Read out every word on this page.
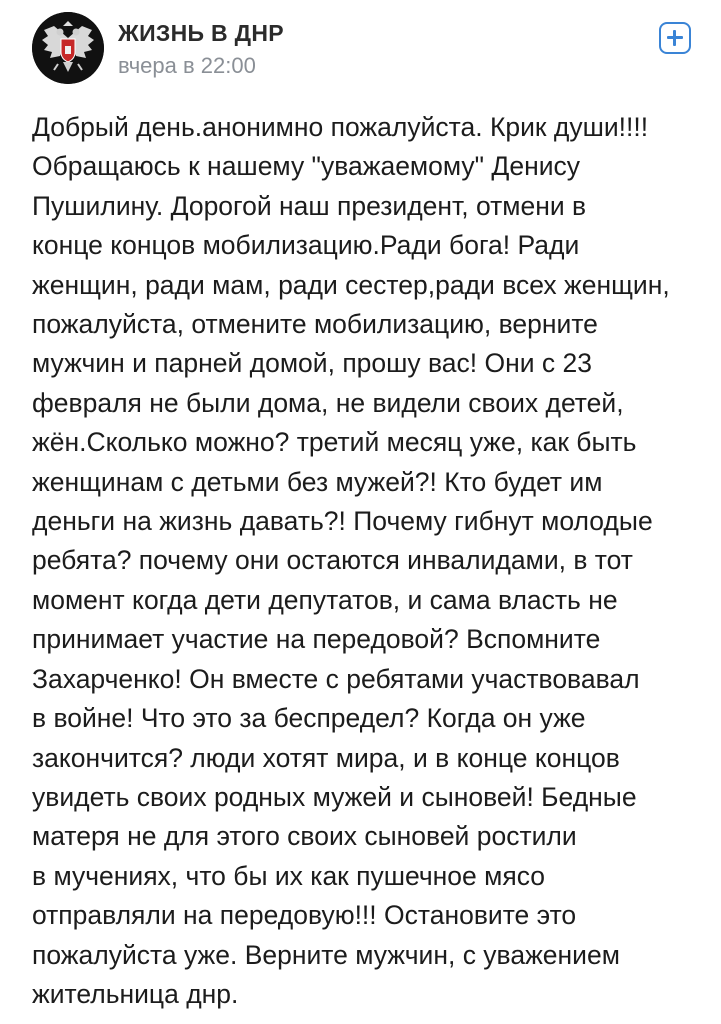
ЖИЗНЬ В ДНР
вчера в 22:00
Добрый день.анонимно пожалуйста. Крик души!!!!
Обращаюсь к нашему "уважаемому" Денису
Пушилину. Дорогой наш президент, отмени в
конце концов мобилизацию.Ради бога! Ради
женщин, ради мам, ради сестер,ради всех женщин,
пожалуйста, отмените мобилизацию, верните
мужчин и парней домой, прошу вас! Они с 23
февраля не были дома, не видели своих детей,
жён.Сколько можно? третий месяц уже, как быть
женщинам с детьми без мужей?! Кто будет им
деньги на жизнь давать?! Почему гибнут молодые
ребята? почему они остаются инвалидами, в тот
момент когда дети депутатов, и сама власть не
принимает участие на передовой? Вспомните
Захарченко! Он вместе с ребятами участвовавал
в войне! Что это за беспредел? Когда он уже
закончится? люди хотят мира, и в конце концов
увидеть своих родных мужей и сыновей! Бедные
матеря не для этого своих сыновей ростили
в мучениях, что бы их как пушечное мясо
отправляли на передовую!!! Остановите это
пожалуйста уже. Верните мужчин, с уважением
жительница днр.
